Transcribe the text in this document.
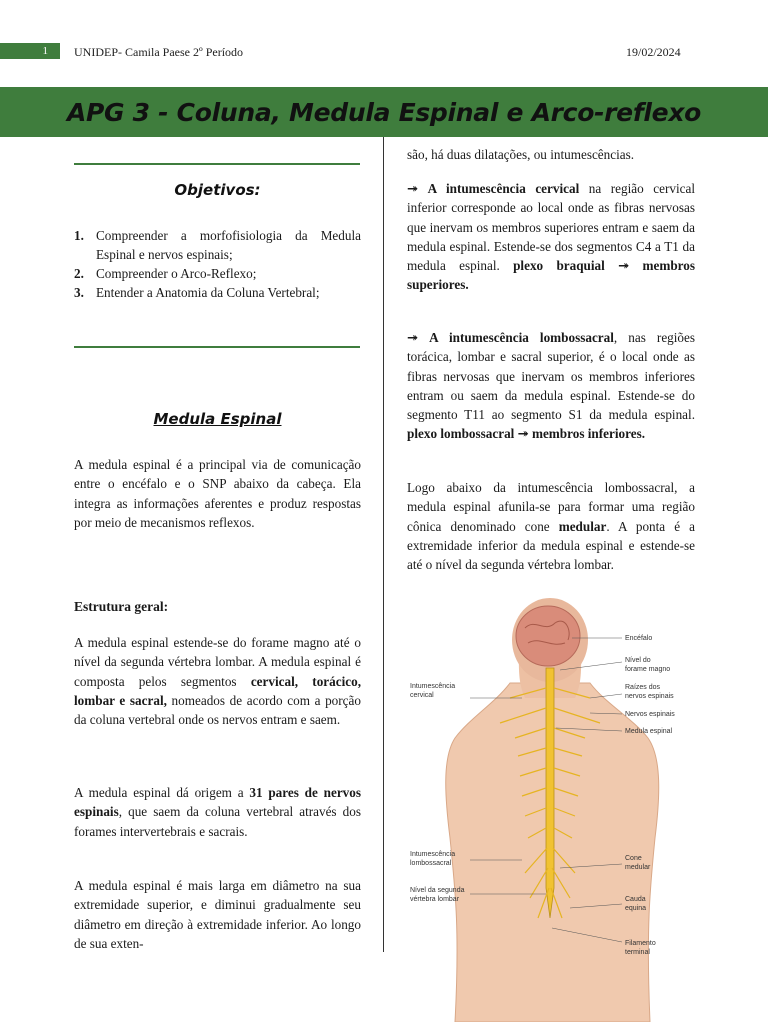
1	UNIDEP- Camila Paese 2º Período	19/02/2024
APG 3 - Coluna, Medula Espinal e Arco-reflexo
Objetivos:
1. Compreender a morfofisiologia da Medula Espinal e nervos espinais;
2. Compreender o Arco-Reflexo;
3. Entender a Anatomia da Coluna Vertebral;
Medula Espinal

A medula espinal é a principal via de comunicação entre o encéfalo e o SNP abaixo da cabeça. Ela integra as informações aferentes e produz respostas por meio de mecanismos reflexos.

Estrutura geral:

A medula espinal estende-se do forame magno até o nível da segunda vértebra lombar. A medula espinal é composta pelos segmentos cervical, torácico, lombar e sacral, nomeados de acordo com a porção da coluna vertebral onde os nervos entram e saem.

A medula espinal dá origem a 31 pares de nervos espinais, que saem da coluna vertebral através dos forames intervertebrais e sacrais.

A medula espinal é mais larga em diâmetro na sua extremidade superior, e diminui gradualmente seu diâmetro em direção à extremidade inferior. Ao longo de sua exten-

são, há duas dilatações, ou intumescências.

↠ A intumescência cervical na região cervical inferior corresponde ao local onde as fibras nervosas que inervam os membros superiores entram e saem da medula espinal. Estende-se dos segmentos C4 a T1 da medula espinal. plexo braquial ↠ membros superiores.

↠ A intumescência lombossacral, nas regiões torácica, lombar e sacral superior, é o local onde as fibras nervosas que inervam os membros inferiores entram ou saem da medula espinal. Estende-se do segmento T11 ao segmento S1 da medula espinal. plexo lombossacral ↠ membros inferiores.

Logo abaixo da intumescência lombossacral, a medula espinal afunila-se para formar uma região cônica denominado cone medular. A ponta é a extremidade inferior da medula espinal e estende-se até o nível da segunda vértebra lombar.

Encéfalo
Nível do
forame magno
Raízes dos
nervos espinais
Nervos espinais
Medula espinal
Intumescência
cervical
Intumescência
lombossacral
Nível da segunda
vértebra lombar
Cone
medular
Cauda
equina
Filamento
terminal
